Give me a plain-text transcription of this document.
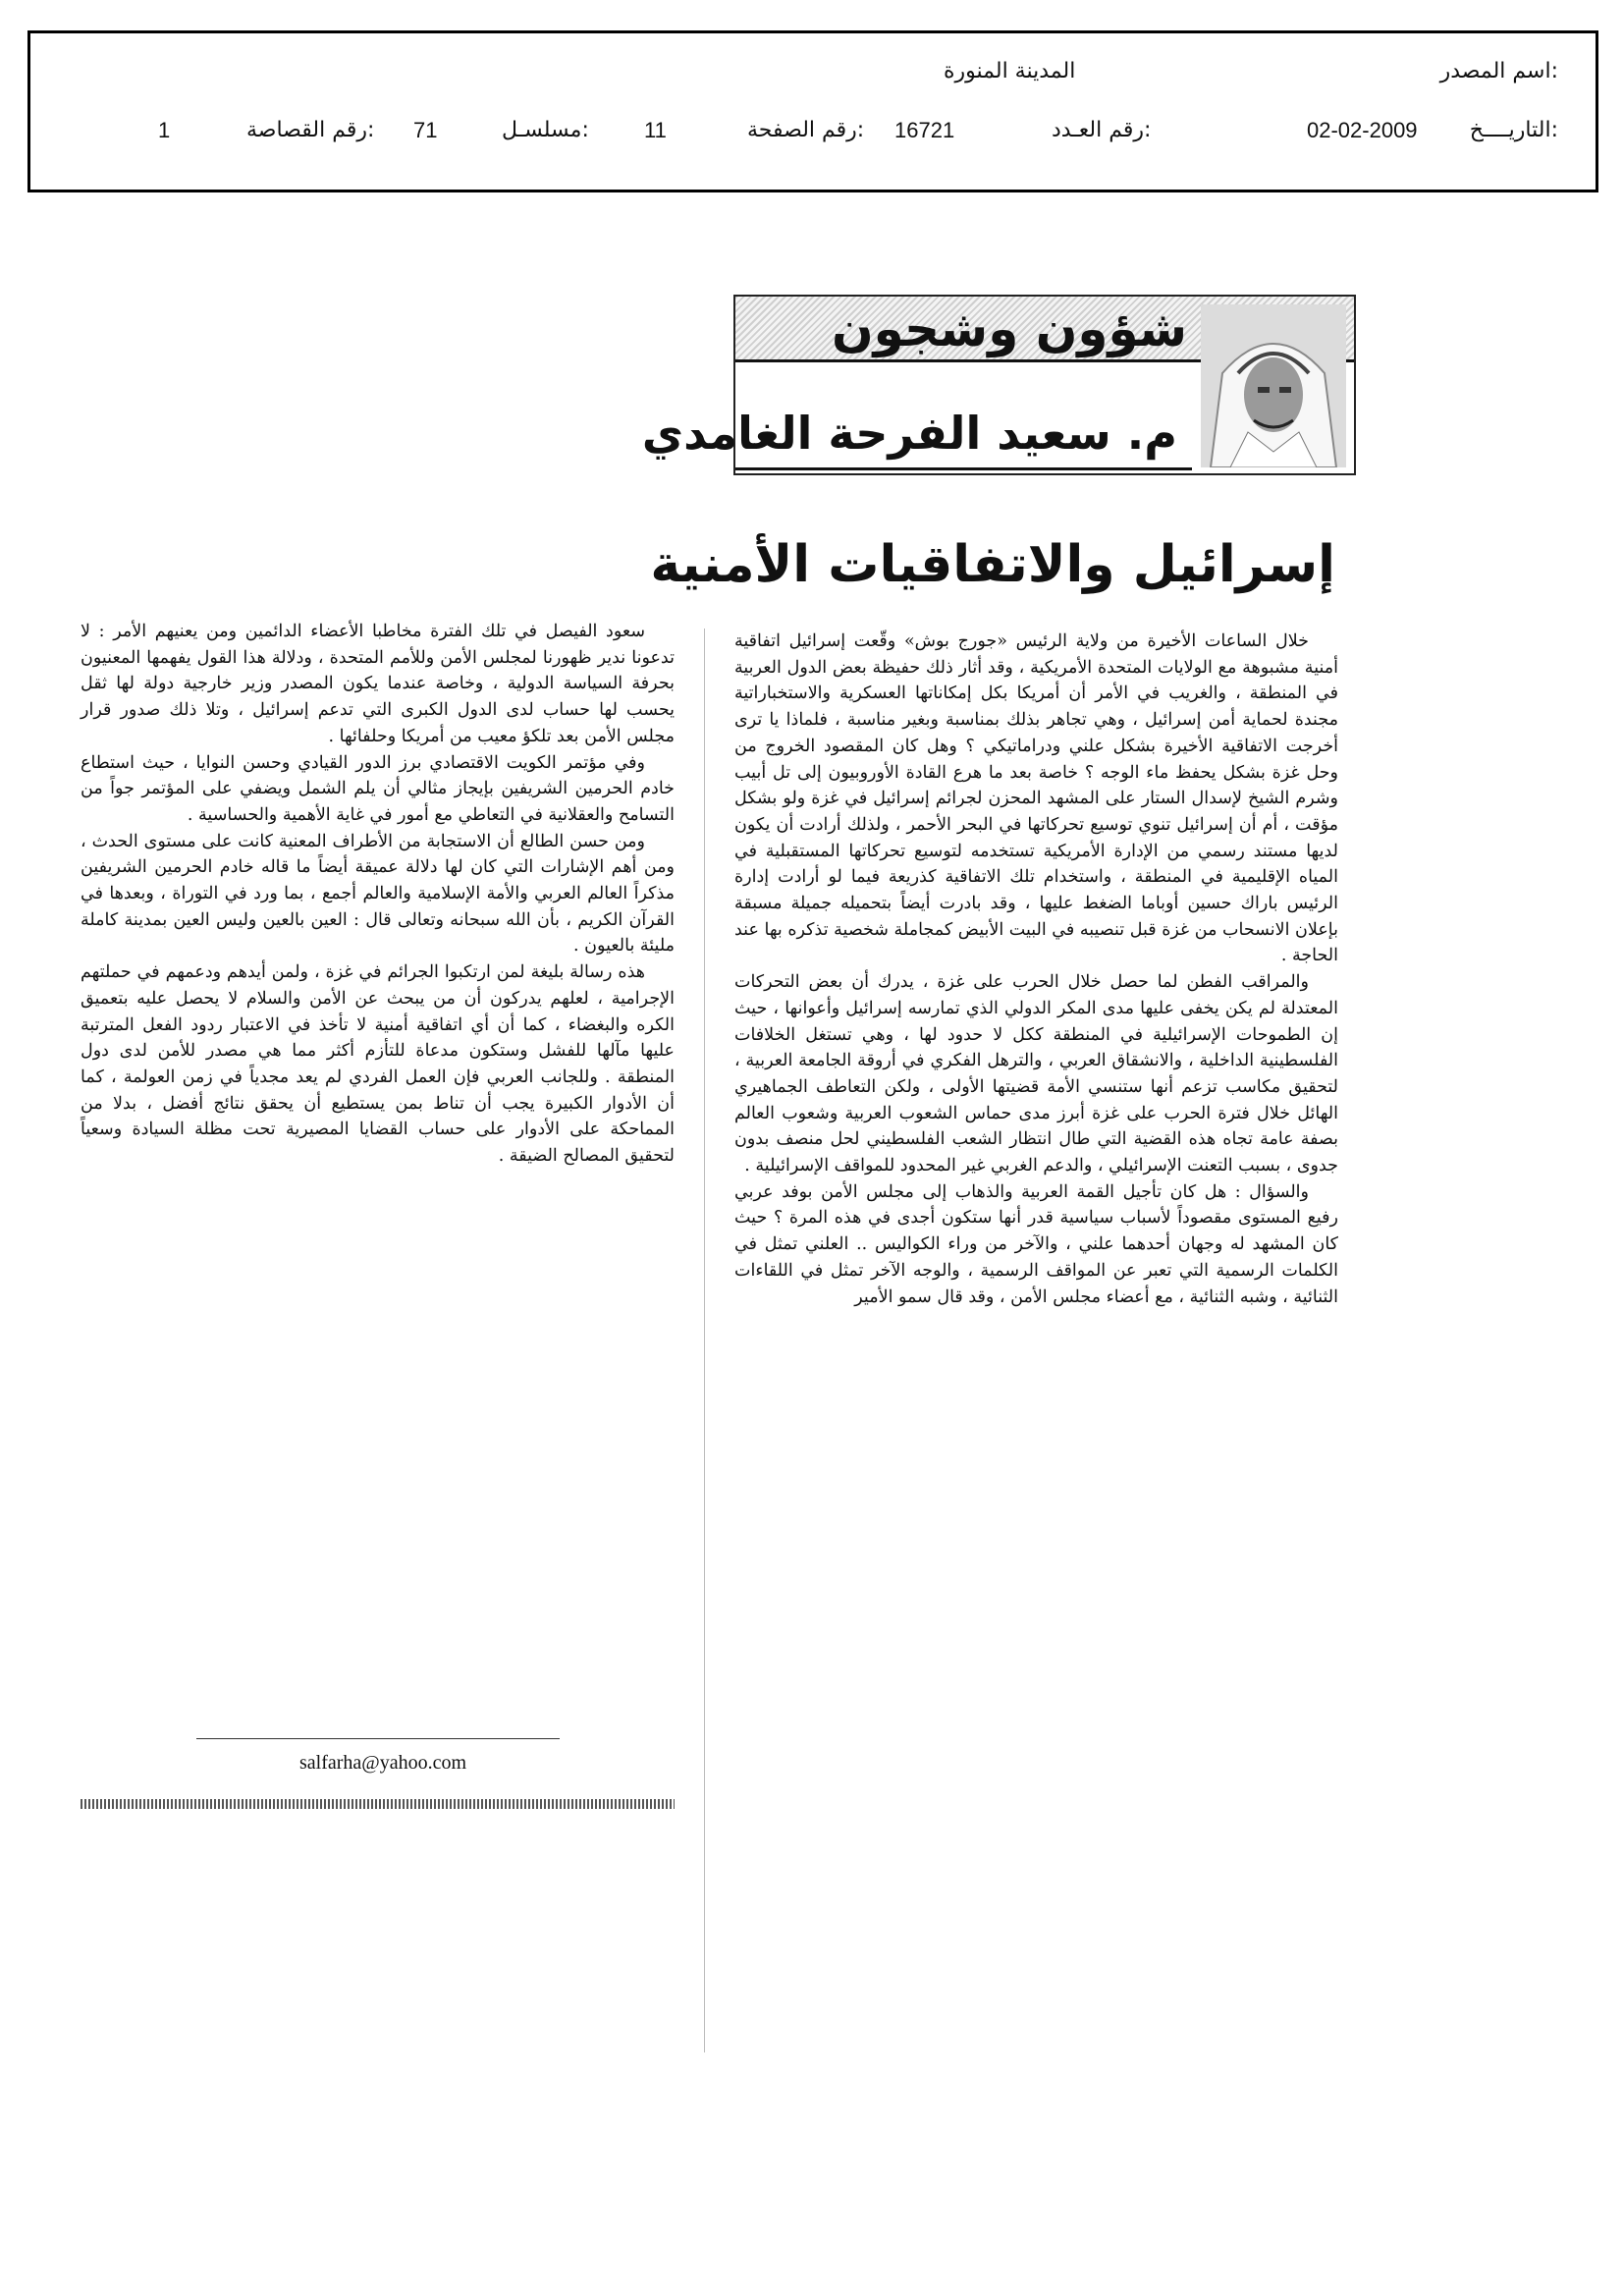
اسم المصدر:
المدينة المنورة
التاريــــخ:
02-02-2009
رقم العـدد:
16721
رقم الصفحة:
11
مسلسـل:
71
رقم القصاصة:
1
شؤون وشجون
م. سعيد الفرحة الغامدي
إسرائيل والاتفاقيات الأمنية

خلال الساعات الأخيرة من ولاية الرئيس «جورج بوش» وقّعت إسرائيل اتفاقية أمنية مشبوهة مع الولايات المتحدة الأمريكية ، وقد أثار ذلك حفيظة بعض الدول العربية في المنطقة ، والغريب في الأمر أن أمريكا بكل إمكاناتها العسكرية والاستخباراتية مجندة لحماية أمن إسرائيل ، وهي تجاهر بذلك بمناسبة وبغير مناسبة ، فلماذا يا ترى أخرجت الاتفاقية الأخيرة بشكل علني ودراماتيكي ؟ وهل كان المقصود الخروج من وحل غزة بشكل يحفظ ماء الوجه ؟ خاصة بعد ما هرع القادة الأوروبيون إلى تل أبيب وشرم الشيخ لإسدال الستار على المشهد المحزن لجرائم إسرائيل في غزة ولو بشكل مؤقت ، أم أن إسرائيل تنوي توسيع تحركاتها في البحر الأحمر ، ولذلك أرادت أن يكون لديها مستند رسمي من الإدارة الأمريكية تستخدمه لتوسيع تحركاتها المستقبلية في المياه الإقليمية في المنطقة ، واستخدام تلك الاتفاقية كذريعة فيما لو أرادت إدارة الرئيس باراك حسين أوباما الضغط عليها ، وقد بادرت أيضاً بتحميله جميلة مسبقة بإعلان الانسحاب من غزة قبل تنصيبه في البيت الأبيض كمجاملة شخصية تذكره بها عند الحاجة .

والمراقب الفطن لما حصل خلال الحرب على غزة ، يدرك أن بعض التحركات المعتدلة لم يكن يخفى عليها مدى المكر الدولي الذي تمارسه إسرائيل وأعوانها ، حيث إن الطموحات الإسرائيلية في المنطقة ككل لا حدود لها ، وهي تستغل الخلافات الفلسطينية الداخلية ، والانشقاق العربي ، والترهل الفكري في أروقة الجامعة العربية ، لتحقيق مكاسب تزعم أنها ستنسي الأمة قضيتها الأولى ، ولكن التعاطف الجماهيري الهائل خلال فترة الحرب على غزة أبرز مدى حماس الشعوب العربية وشعوب العالم بصفة عامة تجاه هذه القضية التي طال انتظار الشعب الفلسطيني لحل منصف بدون جدوى ، بسبب التعنت الإسرائيلي ، والدعم الغربي غير المحدود للمواقف الإسرائيلية .

والسؤال : هل كان تأجيل القمة العربية والذهاب إلى مجلس الأمن بوفد عربي رفيع المستوى مقصوداً لأسباب سياسية قدر أنها ستكون أجدى في هذه المرة ؟ حيث كان المشهد له وجهان أحدهما علني ، والآخر من وراء الكواليس .. العلني تمثل في الكلمات الرسمية التي تعبر عن المواقف الرسمية ، والوجه الآخر تمثل في اللقاءات الثنائية ، وشبه الثنائية ، مع أعضاء مجلس الأمن ، وقد قال سمو الأمير

سعود الفيصل في تلك الفترة مخاطبا الأعضاء الدائمين ومن يعنيهم الأمر : لا تدعونا ندير ظهورنا لمجلس الأمن وللأمم المتحدة ، ودلالة هذا القول يفهمها المعنيون بحرفة السياسة الدولية ، وخاصة عندما يكون المصدر وزير خارجية دولة لها ثقل يحسب لها حساب لدى الدول الكبرى التي تدعم إسرائيل ، وتلا ذلك صدور قرار مجلس الأمن بعد تلكؤ معيب من أمريكا وحلفائها .

وفي مؤتمر الكويت الاقتصادي برز الدور القيادي وحسن النوايا ، حيث استطاع خادم الحرمين الشريفين بإيجاز مثالي أن يلم الشمل ويضفي على المؤتمر جواً من التسامح والعقلانية في التعاطي مع أمور في غاية الأهمية والحساسية .

ومن حسن الطالع أن الاستجابة من الأطراف المعنية كانت على مستوى الحدث ، ومن أهم الإشارات التي كان لها دلالة عميقة أيضاً ما قاله خادم الحرمين الشريفين مذكراً العالم العربي والأمة الإسلامية والعالم أجمع ، بما ورد في التوراة ، وبعدها في القرآن الكريم ، بأن الله سبحانه وتعالى قال : العين بالعين وليس العين بمدينة كاملة مليئة بالعيون .

هذه رسالة بليغة لمن ارتكبوا الجرائم في غزة ، ولمن أيدهم ودعمهم في حملتهم الإجرامية ، لعلهم يدركون أن من يبحث عن الأمن والسلام لا يحصل عليه بتعميق الكره والبغضاء ، كما أن أي اتفاقية أمنية لا تأخذ في الاعتبار ردود الفعل المترتبة عليها مآلها للفشل وستكون مدعاة للتأزم أكثر مما هي مصدر للأمن لدى دول المنطقة . وللجانب العربي فإن العمل الفردي لم يعد مجدياً في زمن العولمة ، كما أن الأدوار الكبيرة يجب أن تناط بمن يستطيع أن يحقق نتائج أفضل ، بدلا من المماحكة على الأدوار على حساب القضايا المصيرية تحت مظلة السيادة وسعياً لتحقيق المصالح الضيقة .

salfarha@yahoo.com
